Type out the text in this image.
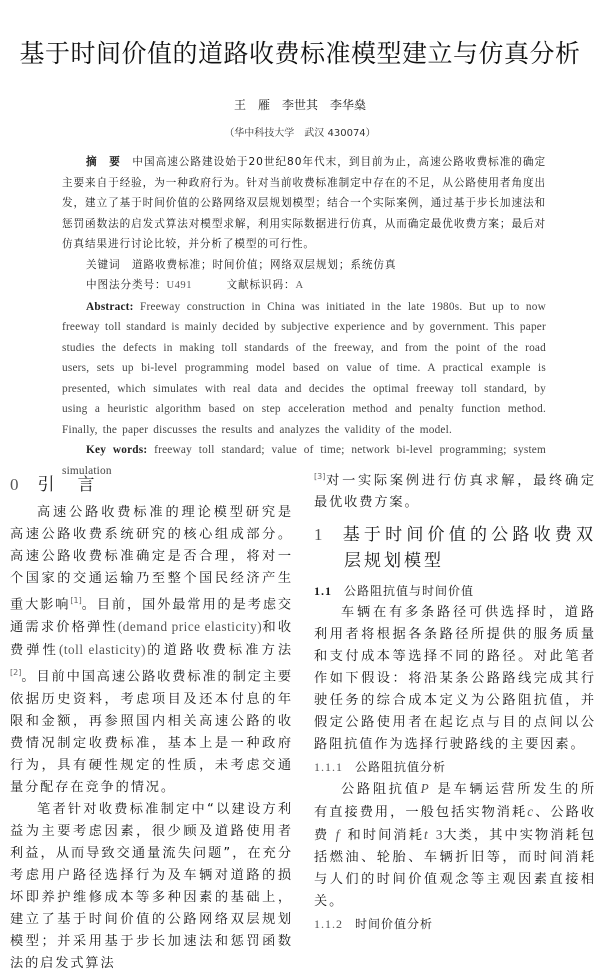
基于时间价值的道路收费标准模型建立与仿真分析
王　雁　李世其　李华燊
（华中科技大学　武汉 430074）

摘　要　 中国高速公路建设始于20世纪80年代末，到目前为止，高速公路收费标准的确定主要来自于经验，为一种政府行为。针对当前收费标准制定中存在的不足，从公路使用者角度出发，建立了基于时间价值的公路网络双层规划模型；结合一个实际案例，通过基于步长加速法和惩罚函数法的启发式算法对模型求解，利用实际数据进行仿真，从而确定最优收费方案；最后对仿真结果进行讨论比较，并分析了模型的可行性。

关键词　 道路收费标准；时间价值；网络双层规划；系统仿真

中图法分类号：U491　　　	文献标识码：A

Abstract: Freeway construction in China was initiated in the late 1980s. But up to now freeway toll standard is mainly decided by subjective experience and by government. This paper studies the defects in making toll standards of the freeway, and from the point of the road users, sets up bi-level programming model based on value of time. A practical example is presented, which simulates with real data and decides the optimal freeway toll standard, by using a heuristic algorithm based on step acceleration method and penalty function method. Finally, the paper discusses the results and analyzes the validity of the model.

Key words: freeway toll standard; value of time; network bi-level programming; system simulation

0 引　言

高速公路收费标准的理论模型研究是高速公路收费系统研究的核心组成部分。高速公路收费标准确定是否合理，将对一个国家的交通运输乃至整个国民经济产生重大影响[1]。目前，国外最常用的是考虑交通需求价格弹性(demand price elasticity)和收费弹性(toll elasticity)的道路收费标准方法[2]。目前中国高速公路收费标准的制定主要依据历史资料，考虑项目及还本付息的年限和金额，再参照国内相关高速公路的收费情况制定收费标准，基本上是一种政府行为，具有硬性规定的性质，未考虑交通量分配存在竞争的情况。

笔者针对收费标准制定中“以建设方利益为主要考虑因素，很少顾及道路使用者利益，从而导致交通量流失问题”，在充分考虑用户路径选择行为及车辆对道路的损坏即养护维修成本等多种因素的基础上，建立了基于时间价值的公路网络双层规划模型；并采用基于步长加速法和惩罚函数法的启发式算法

[3]对一实际案例进行仿真求解，最终确定最优收费方案。

1 基于时间价值的公路收费双层规划模型
1.1 公路阻抗值与时间价值

车辆在有多条路径可供选择时，道路利用者将根据各条路径所提供的服务质量和支付成本等选择不同的路径。对此笔者作如下假设：将沿某条公路路线完成其行驶任务的综合成本定义为公路阻抗值，并假定公路使用者在起讫点与目的点间以公路阻抗值作为选择行驶路线的主要因素。

1.1.1 公路阻抗值分析

公路阻抗值P 是车辆运营所发生的所有直接费用，一般包括实物消耗c、公路收费 f 和时间消耗t 3大类，其中实物消耗包括燃油、轮胎、车辆折旧等，而时间消耗与人们的时间价值观念等主观因素直接相关。

1.1.2 时间价值分析
